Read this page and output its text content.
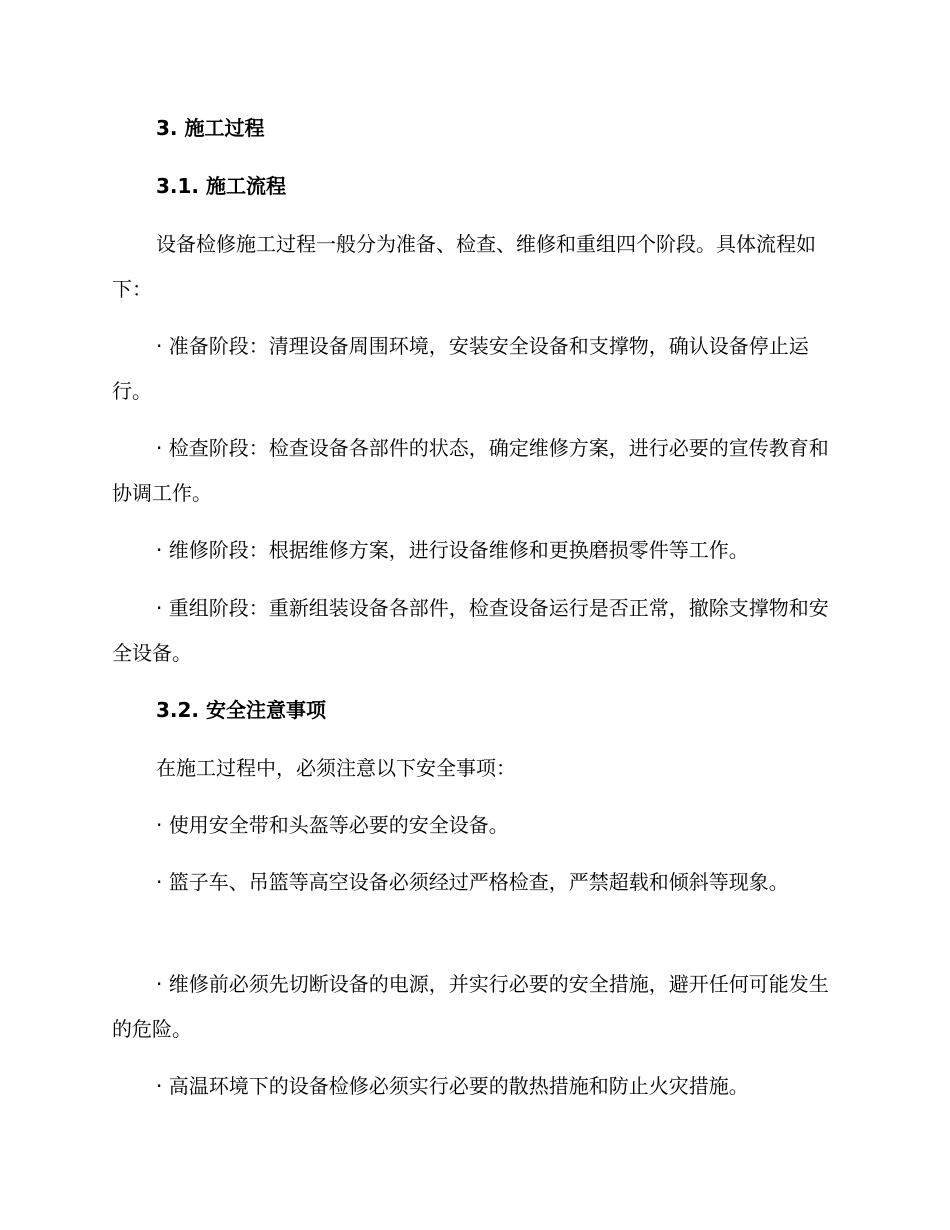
3. 施工过程
3.1. 施工流程
设备检修施工过程一般分为准备、检查、维修和重组四个阶段。具体流程如下：
· 准备阶段：清理设备周围环境，安装安全设备和支撑物，确认设备停止运行。
· 检查阶段：检查设备各部件的状态，确定维修方案，进行必要的宣传教育和协调工作。
· 维修阶段：根据维修方案，进行设备维修和更换磨损零件等工作。
· 重组阶段：重新组装设备各部件，检查设备运行是否正常，撤除支撑物和安全设备。
3.2. 安全注意事项
在施工过程中，必须注意以下安全事项：
· 使用安全带和头盔等必要的安全设备。
· 篮子车、吊篮等高空设备必须经过严格检查，严禁超载和倾斜等现象。
· 维修前必须先切断设备的电源，并实行必要的安全措施，避开任何可能发生的危险。
· 高温环境下的设备检修必须实行必要的散热措施和防止火灾措施。
